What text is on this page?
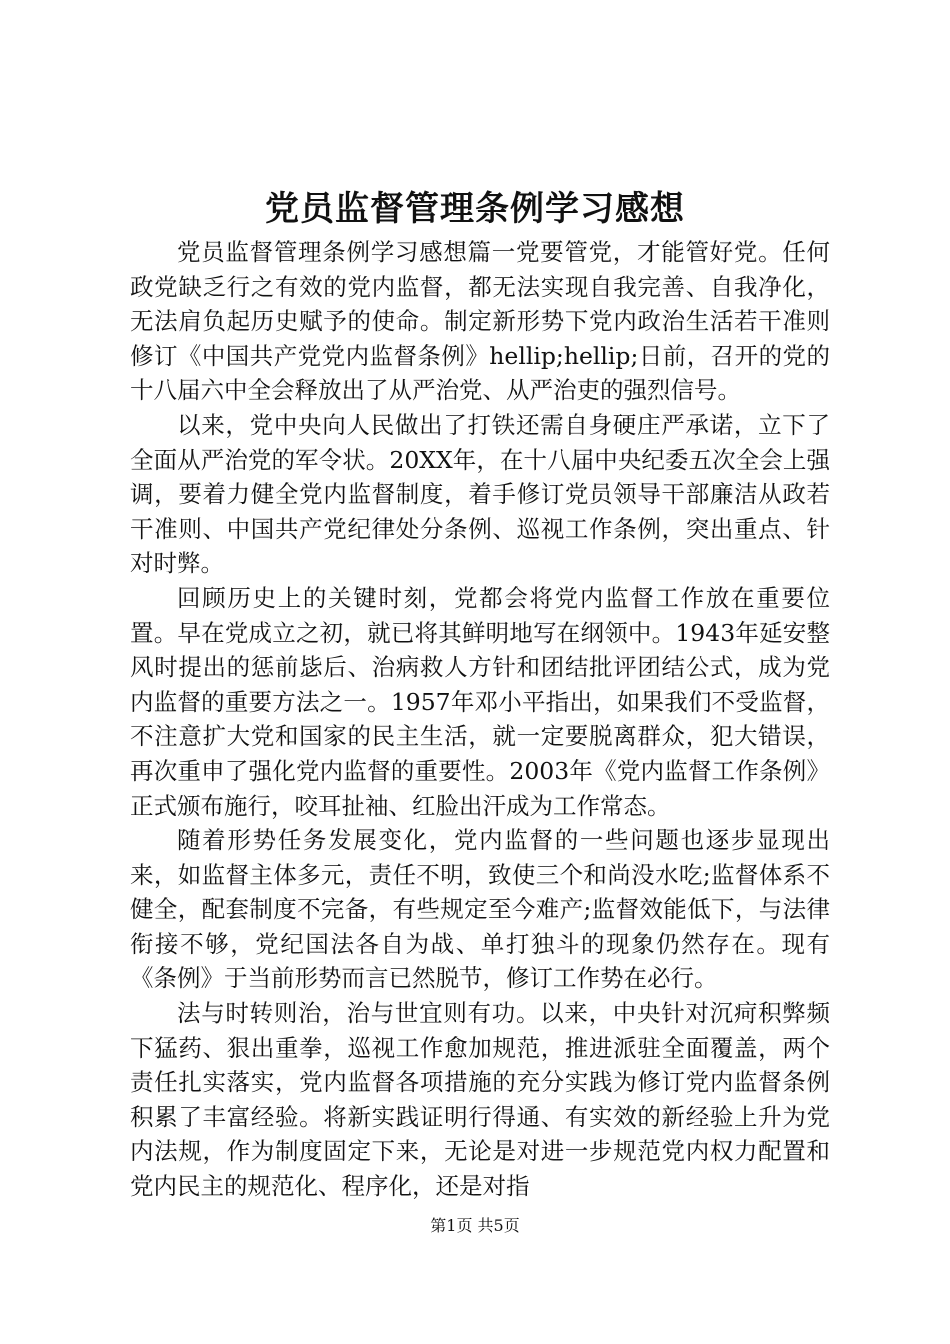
党员监督管理条例学习感想

党员监督管理条例学习感想篇一党要管党，才能管好党。任何政党缺乏行之有效的党内监督，都无法实现自我完善、自我净化，无法肩负起历史赋予的使命。制定新形势下党内政治生活若干准则修订《中国共产党党内监督条例》hellip;hellip;日前，召开的党的十八届六中全会释放出了从严治党、从严治吏的强烈信号。

以来，党中央向人民做出了打铁还需自身硬庄严承诺，立下了全面从严治党的军令状。20XX年，在十八届中央纪委五次全会上强调，要着力健全党内监督制度，着手修订党员领导干部廉洁从政若干准则、中国共产党纪律处分条例、巡视工作条例，突出重点、针对时弊。

回顾历史上的关键时刻，党都会将党内监督工作放在重要位置。早在党成立之初，就已将其鲜明地写在纲领中。1943年延安整风时提出的惩前毖后、治病救人方针和团结批评团结公式，成为党内监督的重要方法之一。1957年邓小平指出，如果我们不受监督，不注意扩大党和国家的民主生活，就一定要脱离群众，犯大错误，再次重申了强化党内监督的重要性。2003年《党内监督工作条例》正式颁布施行，咬耳扯袖、红脸出汗成为工作常态。

随着形势任务发展变化，党内监督的一些问题也逐步显现出来，如监督主体多元，责任不明，致使三个和尚没水吃;监督体系不健全，配套制度不完备，有些规定至今难产;监督效能低下，与法律衔接不够，党纪国法各自为战、单打独斗的现象仍然存在。现有《条例》于当前形势而言已然脱节，修订工作势在必行。

法与时转则治，治与世宜则有功。以来，中央针对沉疴积弊频下猛药、狠出重拳，巡视工作愈加规范，推进派驻全面覆盖，两个责任扎实落实，党内监督各项措施的充分实践为修订党内监督条例积累了丰富经验。将新实践证明行得通、有实效的新经验上升为党内法规，作为制度固定下来，无论是对进一步规范党内权力配置和党内民主的规范化、程序化，还是对指

第1页 共5页
